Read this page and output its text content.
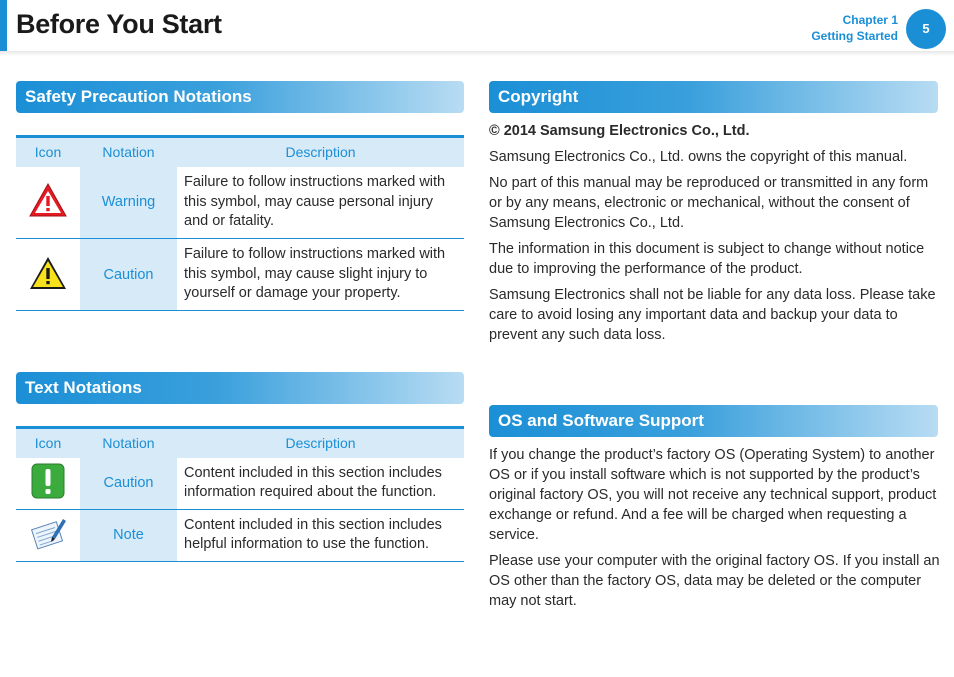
Before You Start	Chapter 1
Getting Started	5
Safety Precaution Notations
Icon	Notation	Description
	Warning	Failure to follow instructions marked with this symbol, may cause personal injury and or fatality.
	Caution	Failure to follow instructions marked with this symbol, may cause slight injury to yourself or damage your property.
Text Notations
Icon	Notation	Description
	Caution	Content included in this section includes information required about the function.
	Note	Content included in this section includes helpful information to use the function.
Copyright

© 2014 Samsung Electronics Co., Ltd.

Samsung Electronics Co., Ltd. owns the copyright of this manual.

No part of this manual may be reproduced or transmitted in any form or by any means, electronic or mechanical, without the consent of Samsung Electronics Co., Ltd.

The information in this document is subject to change without notice due to improving the performance of the product.

Samsung Electronics shall not be liable for any data loss. Please take care to avoid losing any important data and backup your data to prevent any such data loss.

OS and Software Support

If you change the product’s factory OS (Operating System) to another OS or if you install software which is not supported by the product’s original factory OS, you will not receive any technical support, product exchange or refund. And a fee will be charged when requesting a service.

Please use your computer with the original factory OS. If you install an OS other than the factory OS, data may be deleted or the computer may not start.
